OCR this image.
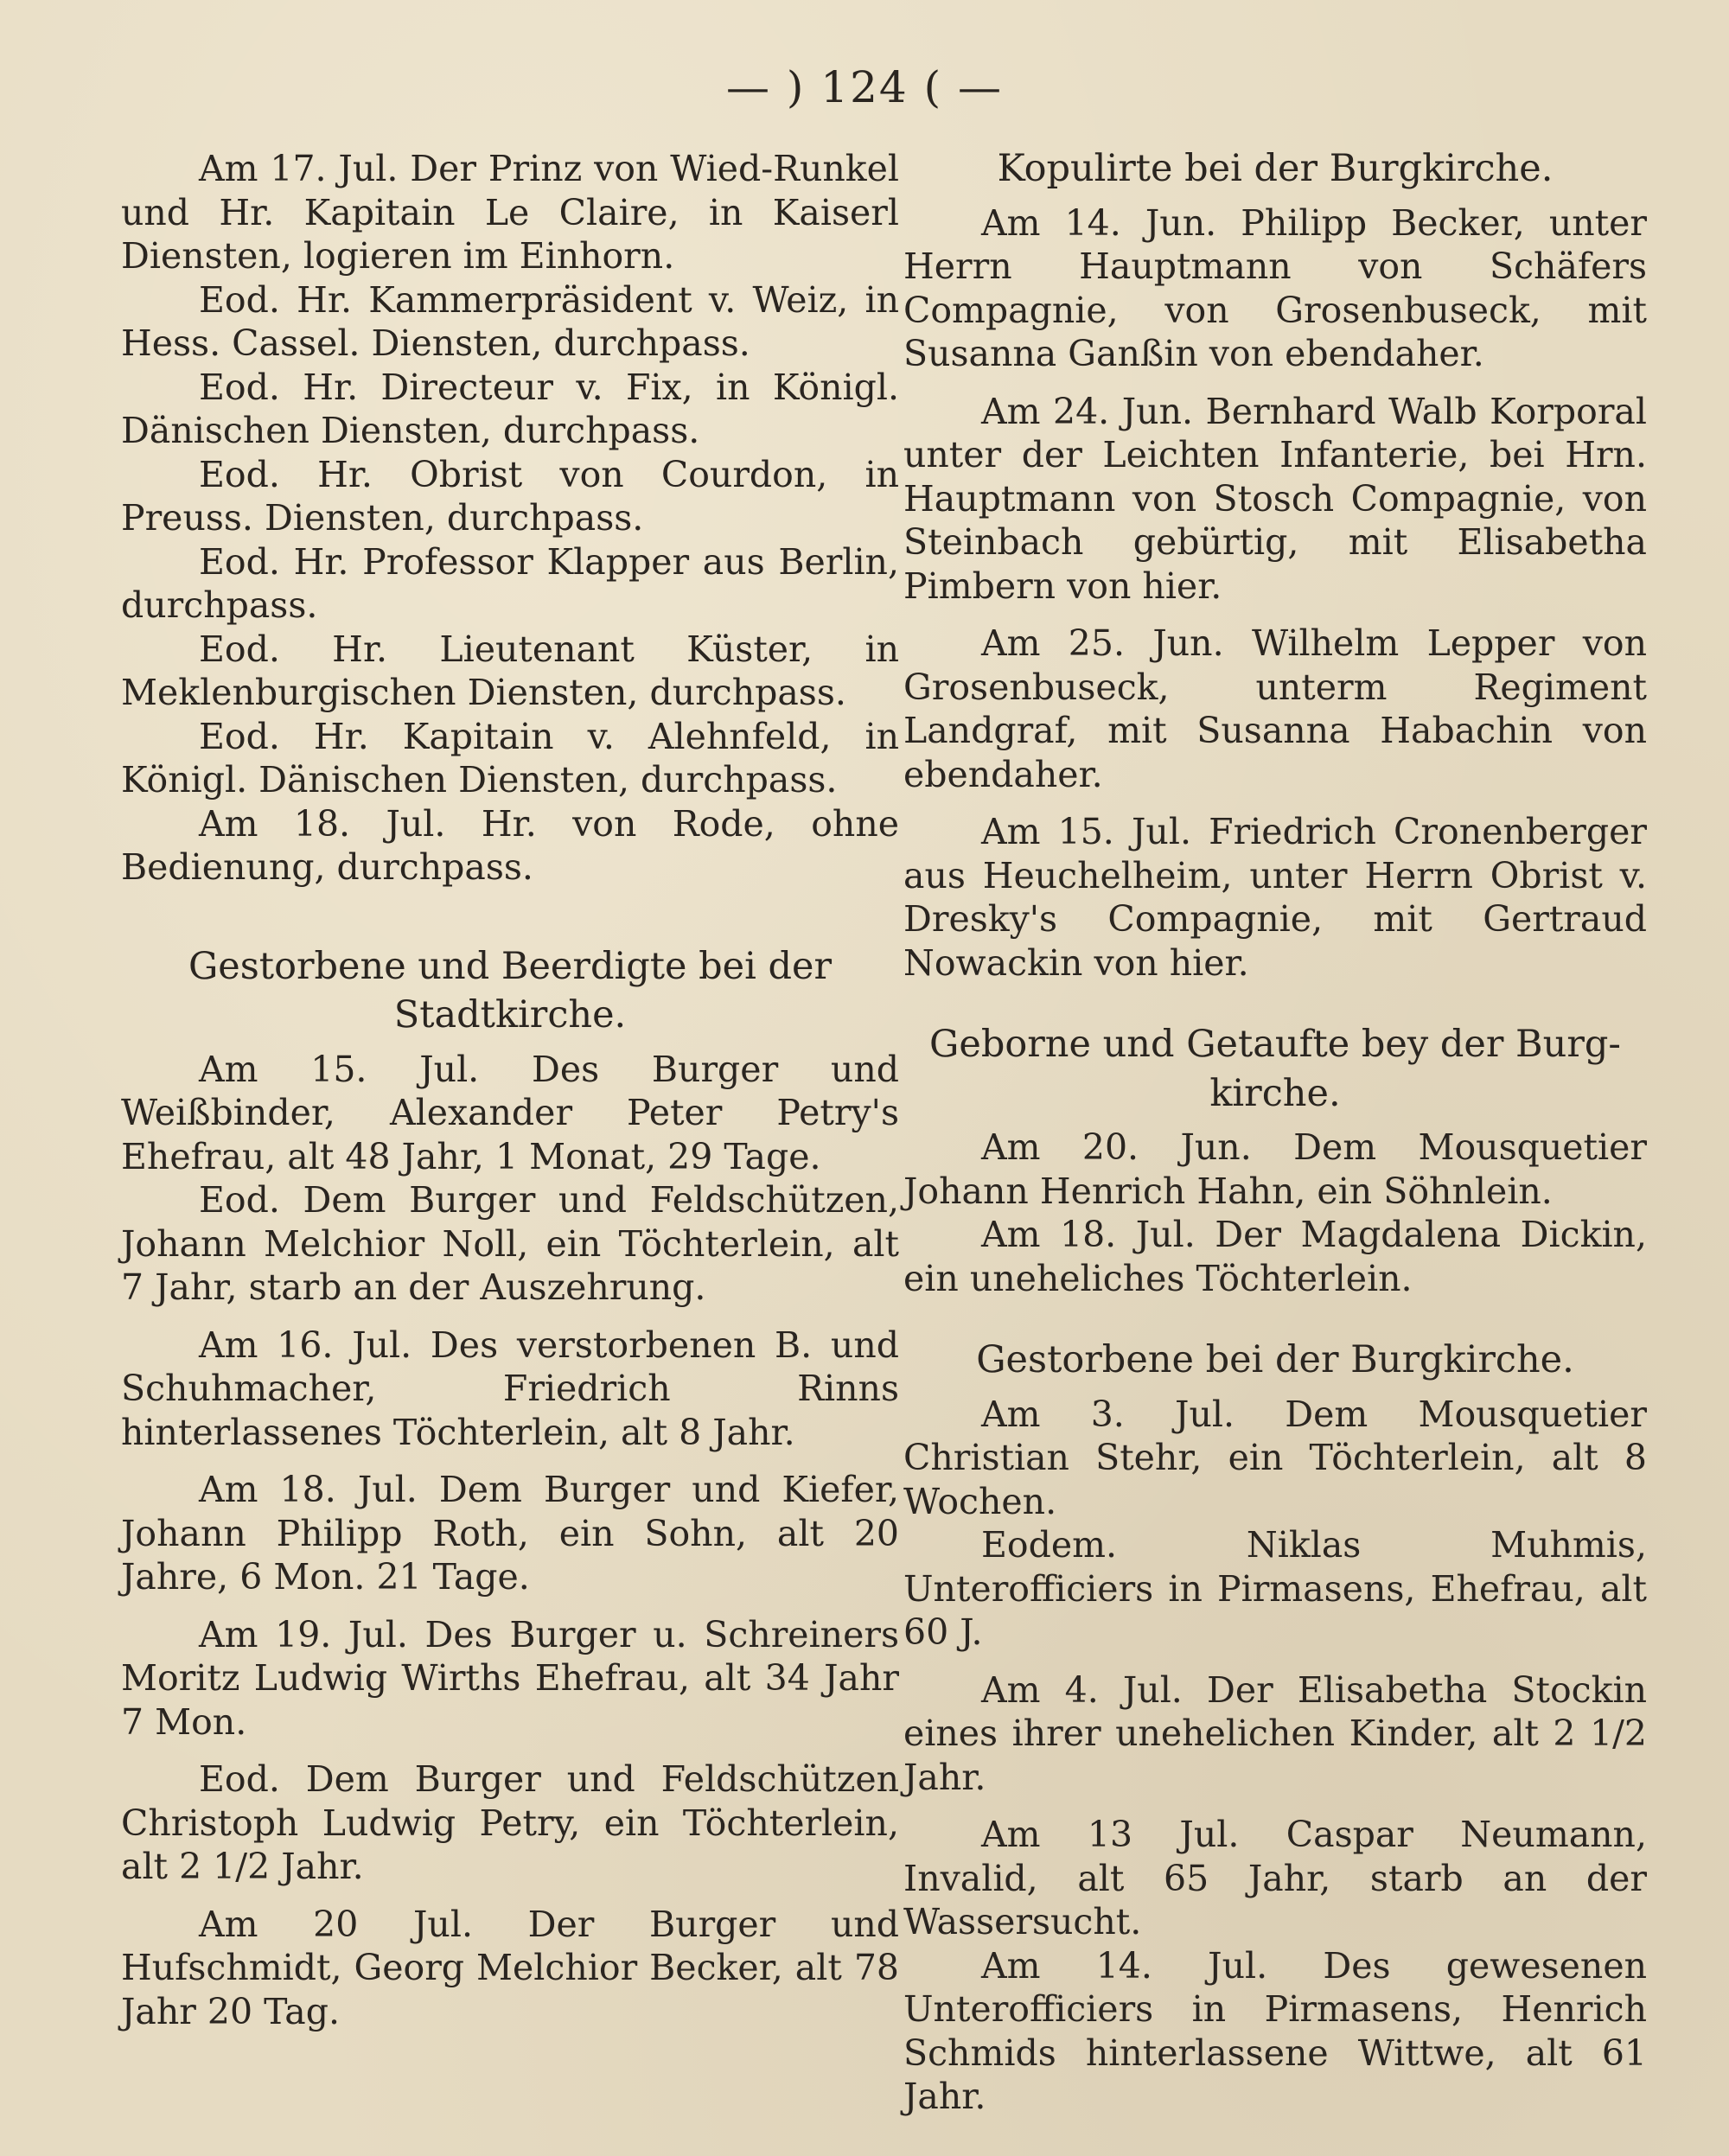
— ) 124 ( —

Am 17. Jul. Der Prinz von Wied-Runkel und Hr. Kapitain Le Claire, in Kaiserl Diensten, logieren im Einhorn.

Eod. Hr. Kammerpräsident v. Weiz, in Hess. Cassel. Diensten, durchpass.

Eod. Hr. Directeur v. Fix, in Königl. Dänischen Diensten, durchpass.

Eod. Hr. Obrist von Courdon, in Preuss. Diensten, durchpass.

Eod. Hr. Professor Klapper aus Berlin, durchpass.

Eod. Hr. Lieutenant Küster, in Meklenburgischen Diensten, durchpass.

Eod. Hr. Kapitain v. Alehnfeld, in Königl. Dänischen Diensten, durchpass.

Am 18. Jul. Hr. von Rode, ohne Bedienung, durchpass.

Gestorbene und Beerdigte bei der

Stadtkirche.

Am 15. Jul. Des Burger und Weißbinder, Alexander Peter Petry's Ehefrau, alt 48 Jahr, 1 Monat, 29 Tage.

Eod. Dem Burger und Feldschützen, Johann Melchior Noll, ein Töchterlein, alt 7 Jahr, starb an der Auszehrung.

Am 16. Jul. Des verstorbenen B. und Schuhmacher, Friedrich Rinns hinterlassenes Töchterlein, alt 8 Jahr.

Am 18. Jul. Dem Burger und Kiefer, Johann Philipp Roth, ein Sohn, alt 20 Jahre, 6 Mon. 21 Tage.

Am 19. Jul. Des Burger u. Schreiners Moritz Ludwig Wirths Ehefrau, alt 34 Jahr 7 Mon.

Eod. Dem Burger und Feldschützen Christoph Ludwig Petry, ein Töchterlein, alt 2 1/2 Jahr.

Am 20 Jul. Der Burger und Hufschmidt, Georg Melchior Becker, alt 78 Jahr 20 Tag.

Kopulirte bei der Burgkirche.

Am 14. Jun. Philipp Becker, unter Herrn Hauptmann von Schäfers Compagnie, von Grosenbuseck, mit Susanna Ganßin von ebendaher.

Am 24. Jun. Bernhard Walb Korporal unter der Leichten Infanterie, bei Hrn. Hauptmann von Stosch Compagnie, von Steinbach gebürtig, mit Elisabetha Pimbern von hier.

Am 25. Jun. Wilhelm Lepper von Grosenbuseck, unterm Regiment Landgraf, mit Susanna Habachin von ebendaher.

Am 15. Jul. Friedrich Cronenberger aus Heuchelheim, unter Herrn Obrist v. Dresky's Compagnie, mit Gertraud Nowackin von hier.

Geborne und Getaufte bey der Burg-

kirche.

Am 20. Jun. Dem Mousquetier Johann Henrich Hahn, ein Söhnlein.

Am 18. Jul. Der Magdalena Dickin, ein uneheliches Töchterlein.

Gestorbene bei der Burgkirche.

Am 3. Jul. Dem Mousquetier Christian Stehr, ein Töchterlein, alt 8 Wochen.

Eodem. Niklas Muhmis, Unterofficiers in Pirmasens, Ehefrau, alt 60 J.

Am 4. Jul. Der Elisabetha Stockin eines ihrer unehelichen Kinder, alt 2 1/2 Jahr.

Am 13 Jul. Caspar Neumann, Invalid, alt 65 Jahr, starb an der Wassersucht.

Am 14. Jul. Des gewesenen Unterofficiers in Pirmasens, Henrich Schmids hinterlassene Wittwe, alt 61 Jahr.
